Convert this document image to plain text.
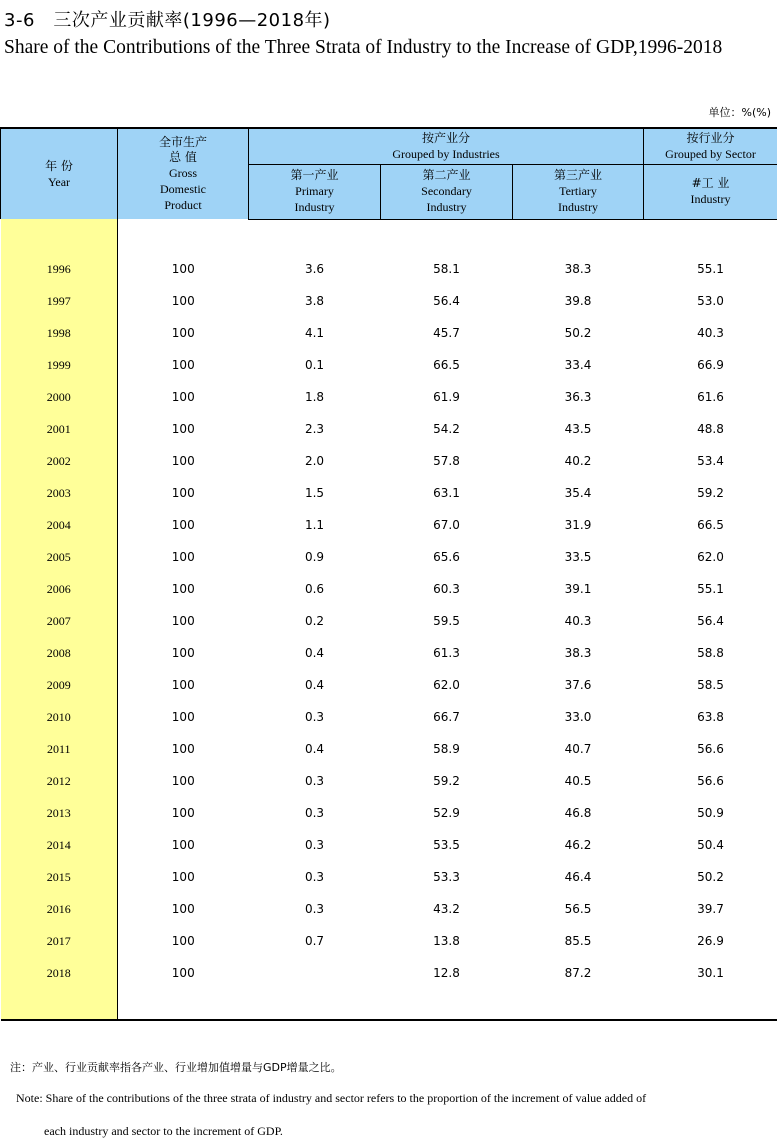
3-6　三次产业贡献率(1996—2018年)
Share of the Contributions of the Three Strata of Industry to the Increase of GDP,1996-2018
单位：%(%)
年 份
Year	全市生产
总 值
Gross
Domestic
Product	按产业分
Grouped by Industries			按行业分
Grouped by Sector

		第一产业
Primary
Industry	第二产业
Secondary
Industry	第三产业
Tertiary
Industry	#工 业
Industry

1996	100	3.6	58.1	38.3	55.1
1997	100	3.8	56.4	39.8	53.0
1998	100	4.1	45.7	50.2	40.3
1999	100	0.1	66.5	33.4	66.9
2000	100	1.8	61.9	36.3	61.6
2001	100	2.3	54.2	43.5	48.8
2002	100	2.0	57.8	40.2	53.4
2003	100	1.5	63.1	35.4	59.2
2004	100	1.1	67.0	31.9	66.5
2005	100	0.9	65.6	33.5	62.0
2006	100	0.6	60.3	39.1	55.1
2007	100	0.2	59.5	40.3	56.4
2008	100	0.4	61.3	38.3	58.8
2009	100	0.4	62.0	37.6	58.5
2010	100	0.3	66.7	33.0	63.8
2011	100	0.4	58.9	40.7	56.6
2012	100	0.3	59.2	40.5	56.6
2013	100	0.3	52.9	46.8	50.9
2014	100	0.3	53.5	46.2	50.4
2015	100	0.3	53.3	46.4	50.2
2016	100	0.3	43.2	56.5	39.7
2017	100	0.7	13.8	85.5	26.9
2018	100		12.8	87.2	30.1

注：产业、行业贡献率指各产业、行业增加值增量与GDP增量之比。
Note: Share of the contributions of the three strata of industry and sector refers to the proportion of the increment of value added of
each industry and sector to the increment of GDP.
